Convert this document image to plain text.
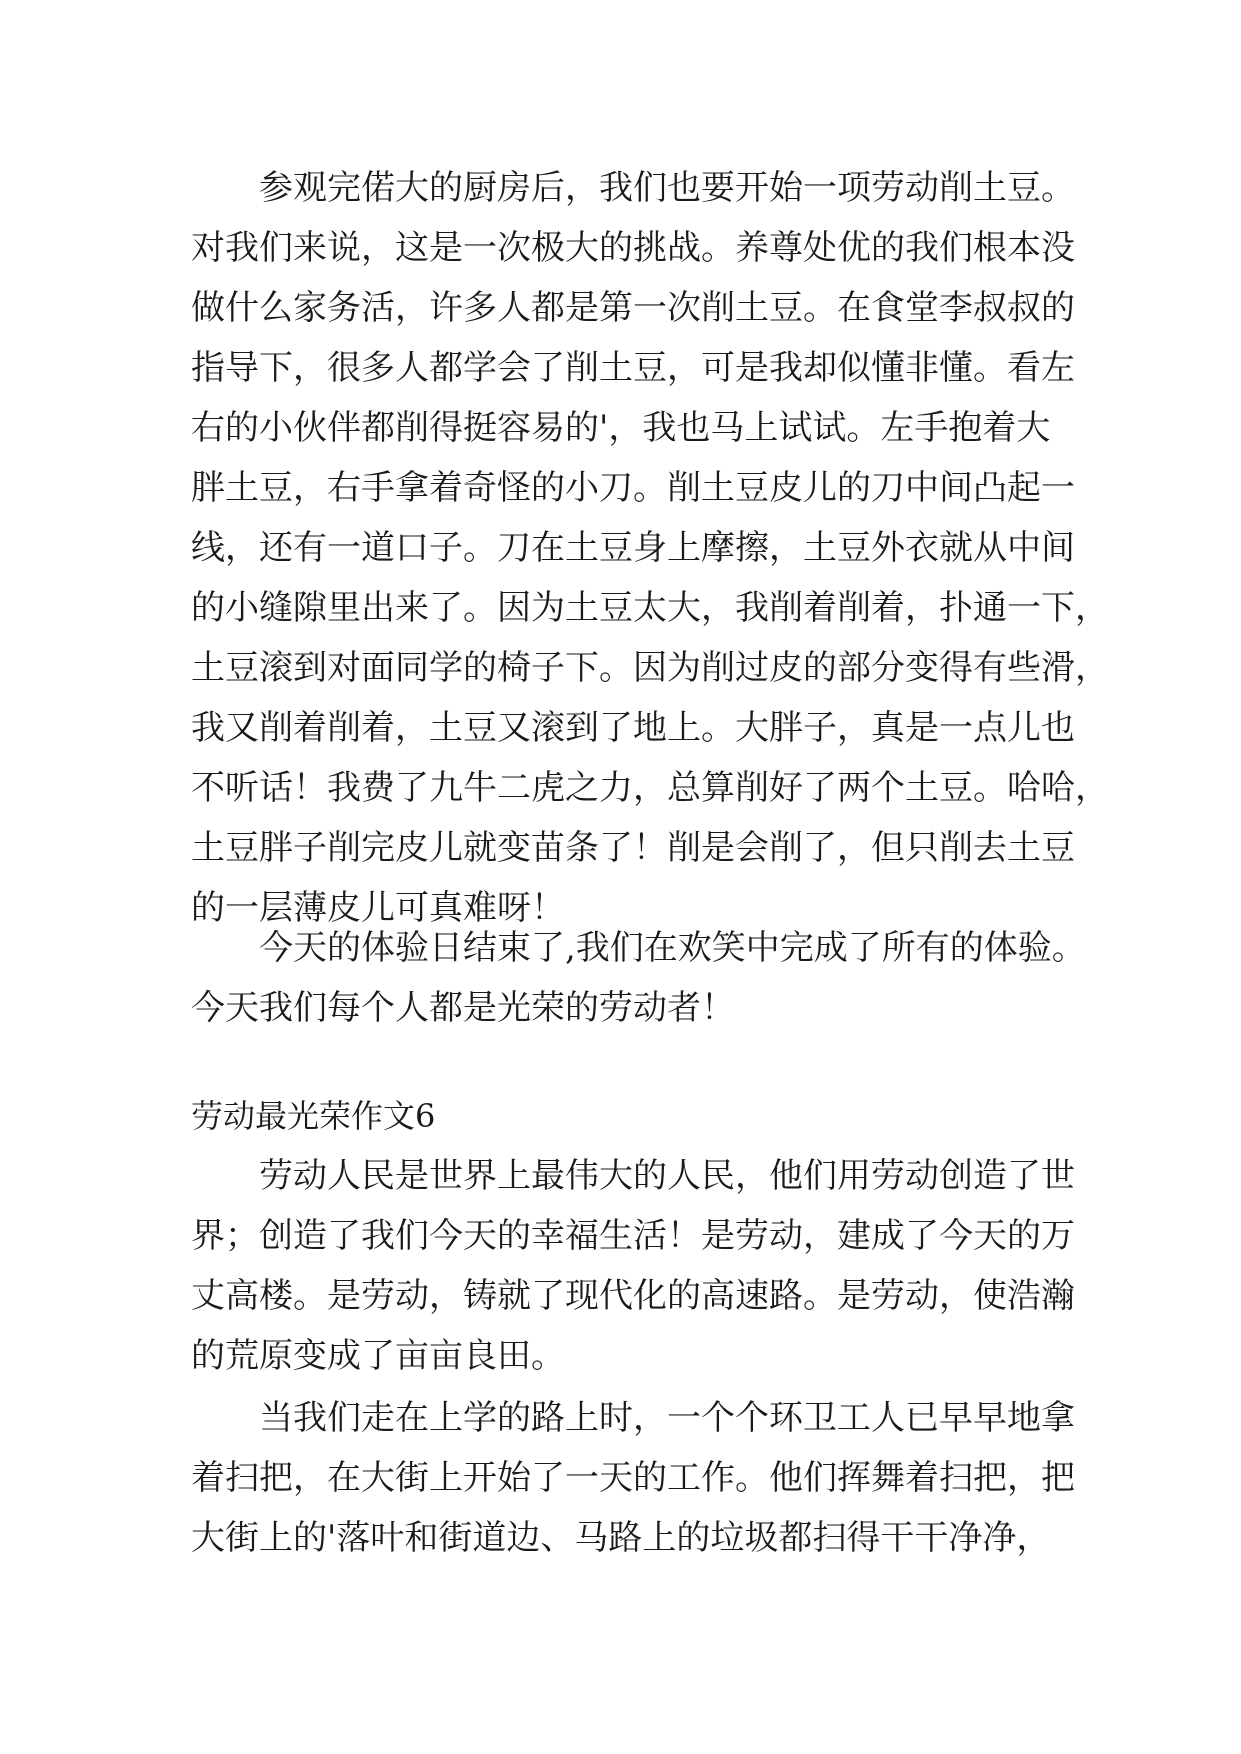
参观完偌大的厨房后，我们也要开始一项劳动削土豆。
对我们来说，这是一次极大的挑战。养尊处优的我们根本没
做什么家务活，许多人都是第一次削土豆。在食堂李叔叔的
指导下，很多人都学会了削土豆，可是我却似懂非懂。看左
右的小伙伴都削得挺容易的'，我也马上试试。左手抱着大
胖土豆，右手拿着奇怪的小刀。削土豆皮儿的刀中间凸起一
线，还有一道口子。刀在土豆身上摩擦，土豆外衣就从中间
的小缝隙里出来了。因为土豆太大，我削着削着，扑通一下，
土豆滚到对面同学的椅子下。因为削过皮的部分变得有些滑，
我又削着削着，土豆又滚到了地上。大胖子，真是一点儿也
不听话！我费了九牛二虎之力，总算削好了两个土豆。哈哈，
土豆胖子削完皮儿就变苗条了！削是会削了，但只削去土豆
的一层薄皮儿可真难呀！
今天的体验日结束了,我们在欢笑中完成了所有的体验。
今天我们每个人都是光荣的劳动者！
劳动最光荣作文6
劳动人民是世界上最伟大的人民，他们用劳动创造了世
界；创造了我们今天的幸福生活！是劳动，建成了今天的万
丈高楼。是劳动，铸就了现代化的高速路。是劳动，使浩瀚
的荒原变成了亩亩良田。
当我们走在上学的路上时，一个个环卫工人已早早地拿
着扫把，在大街上开始了一天的工作。他们挥舞着扫把，把
大街上的'落叶和街道边、马路上的垃圾都扫得干干净净，
